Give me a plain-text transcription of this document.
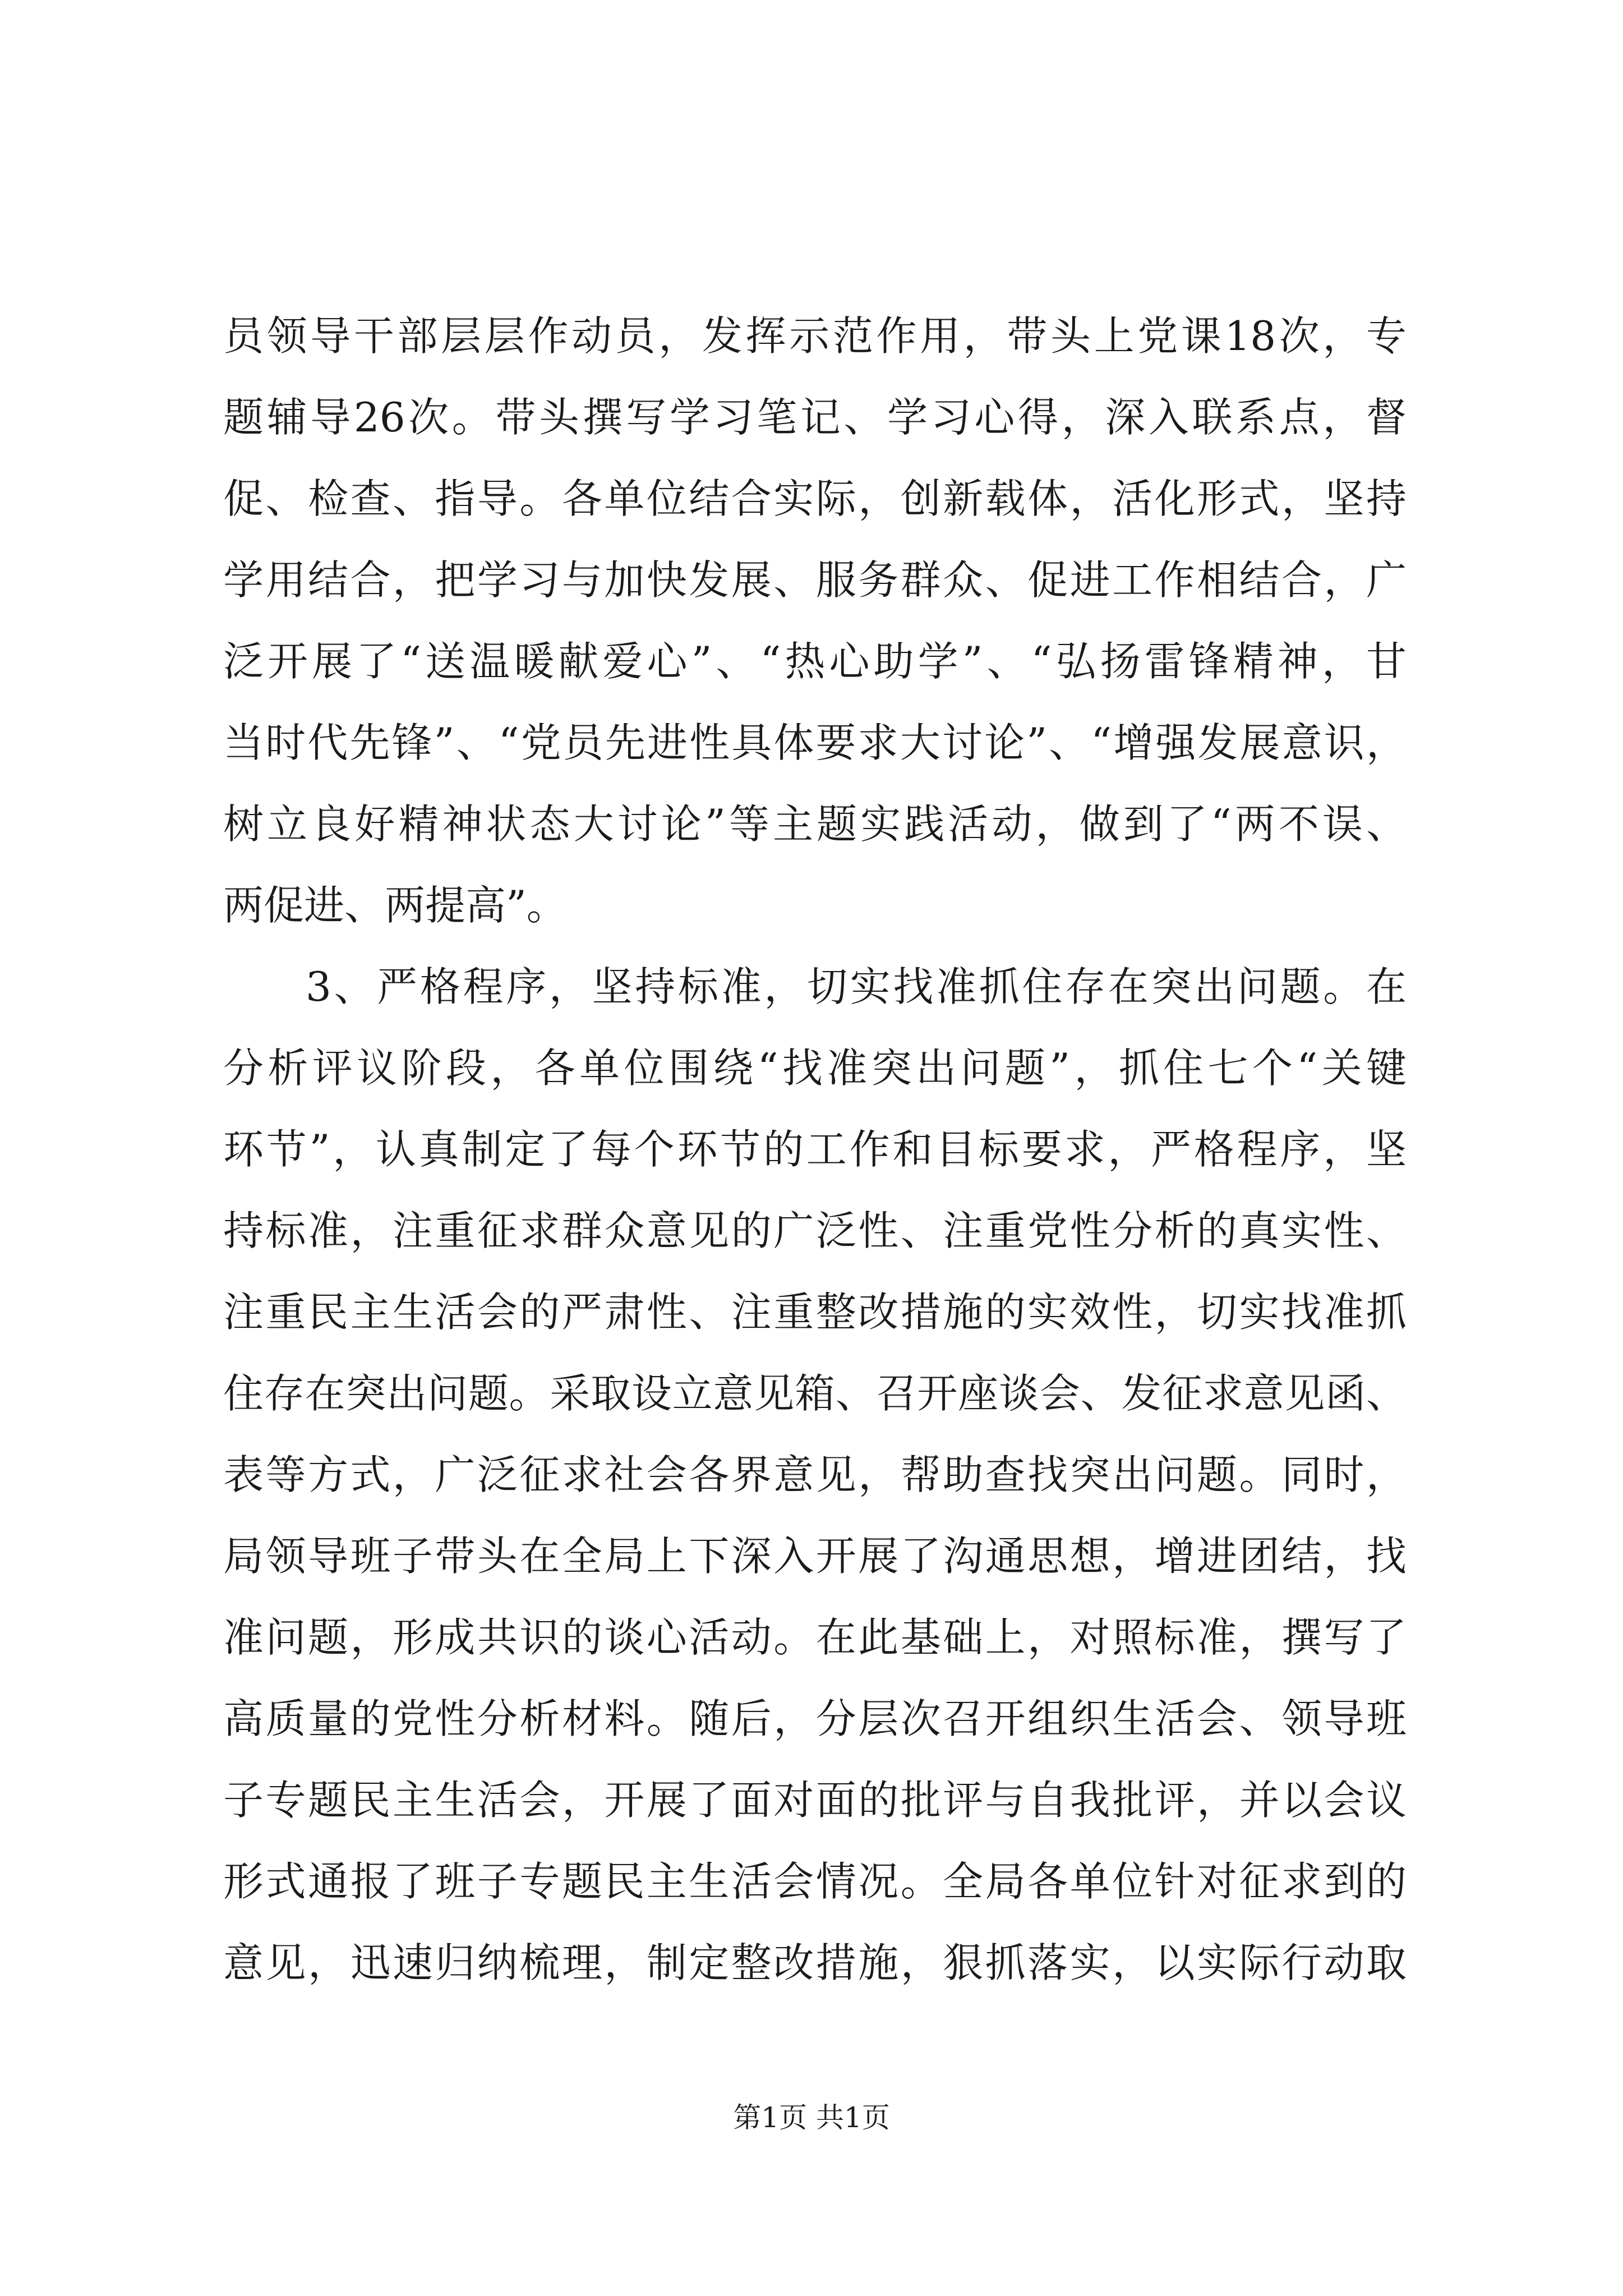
员领导干部层层作动员，发挥示范作用，带头上党课18次，专
题辅导26次。带头撰写学习笔记、学习心得，深入联系点，督
促、检查、指导。各单位结合实际，创新载体，活化形式，坚持
学用结合，把学习与加快发展、服务群众、促进工作相结合，广
泛开展了“送温暖献爱心”、“热心助学”、“弘扬雷锋精神，甘
当时代先锋”、“党员先进性具体要求大讨论”、“增强发展意识，
树立良好精神状态大讨论”等主题实践活动，做到了“两不误、
两促进、两提高”。
3、严格程序，坚持标准，切实找准抓住存在突出问题。在
分析评议阶段，各单位围绕“找准突出问题”，抓住七个“关键
环节”，认真制定了每个环节的工作和目标要求，严格程序，坚
持标准，注重征求群众意见的广泛性、注重党性分析的真实性、
注重民主生活会的严肃性、注重整改措施的实效性，切实找准抓
住存在突出问题。采取设立意见箱、召开座谈会、发征求意见函、
表等方式，广泛征求社会各界意见，帮助查找突出问题。同时，
局领导班子带头在全局上下深入开展了沟通思想，增进团结，找
准问题，形成共识的谈心活动。在此基础上，对照标准，撰写了
高质量的党性分析材料。随后，分层次召开组织生活会、领导班
子专题民主生活会，开展了面对面的批评与自我批评，并以会议
形式通报了班子专题民主生活会情况。全局各单位针对征求到的
意见，迅速归纳梳理，制定整改措施，狠抓落实，以实际行动取
第1页 共1页
